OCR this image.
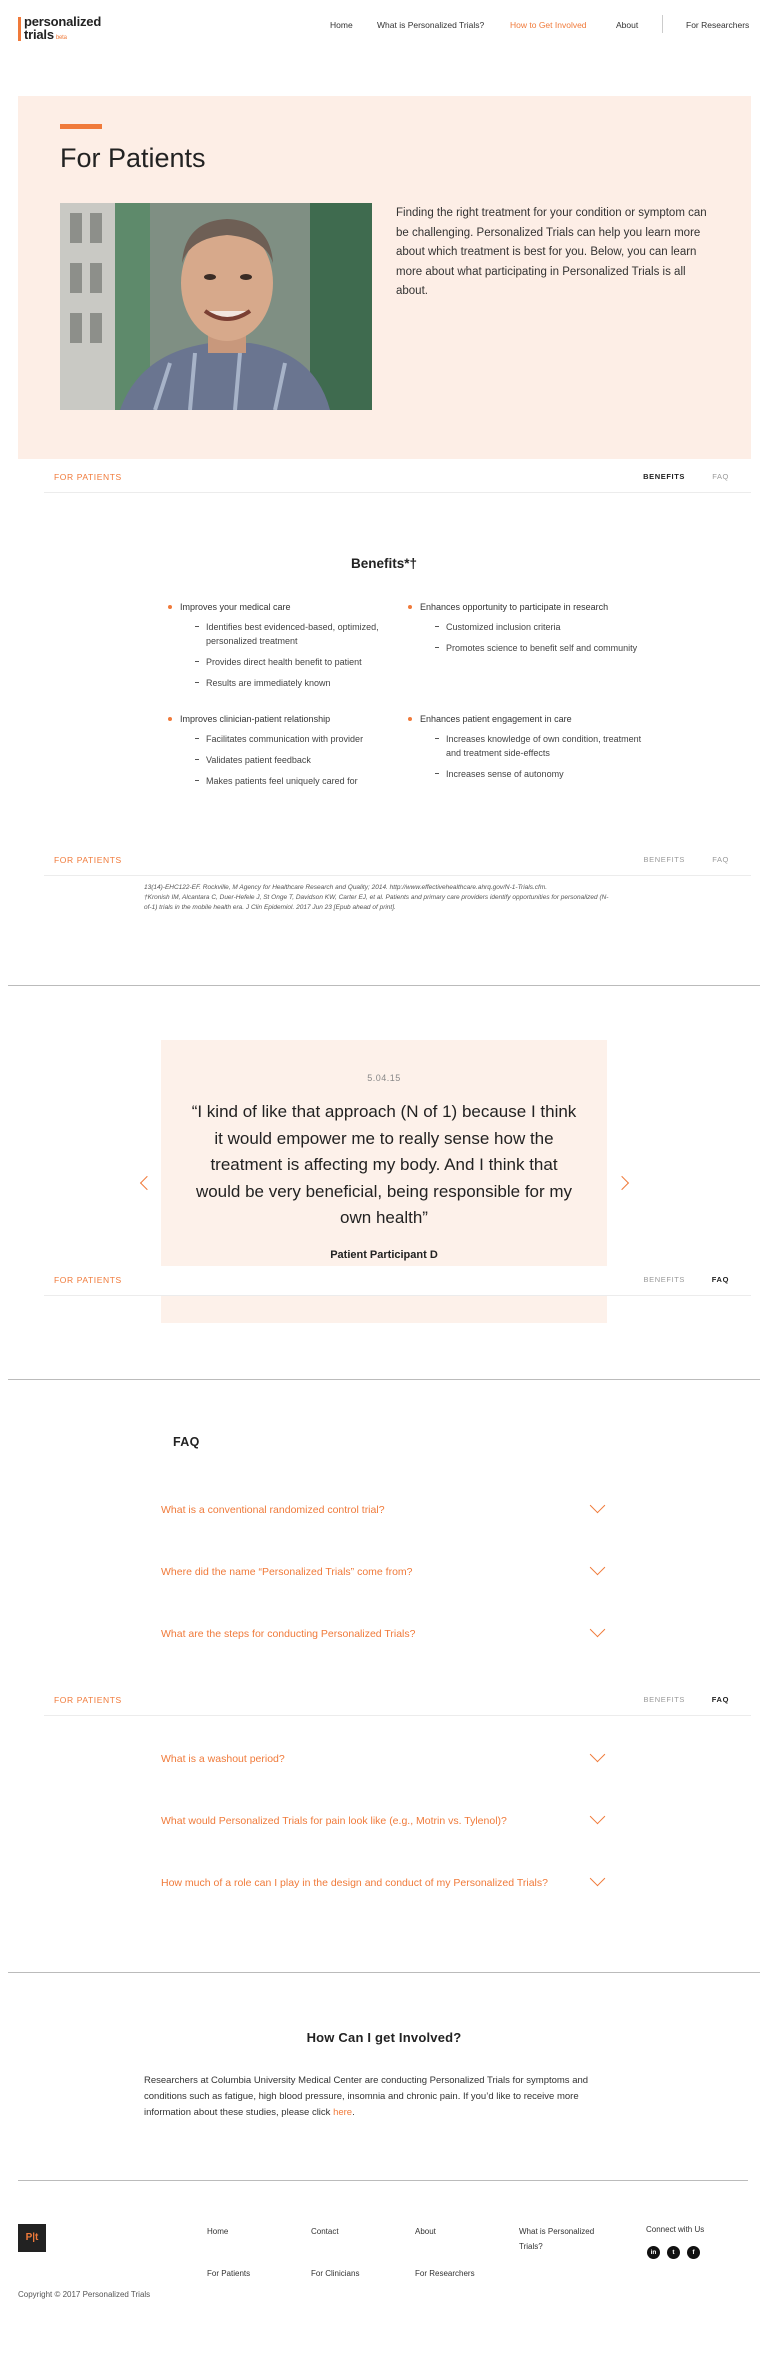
personalized
trials beta
Home	What is Personalized Trials?	How to Get Involved	About	For Researchers
For Patients

Finding the right treatment for your condition or symptom can be challenging. Personalized Trials can help you learn more about which treatment is best for you. Below, you can learn more about what participating in Personalized Trials is all about.

FOR PATIENTS	BENEFITS	FAQ
Benefits*†
Improves your medical care
Identifies best evidenced-based, optimized, personalized treatment
Provides direct health benefit to patient
Results are immediately known
Enhances opportunity to participate in research
Customized inclusion criteria
Promotes science to benefit self and community
Improves clinician-patient relationship
Facilitates communication with provider
Validates patient feedback
Makes patients feel uniquely cared for
Enhances patient engagement in care
Increases knowledge of own condition, treatment and treatment side-effects
Increases sense of autonomy
FOR PATIENTS	BENEFITS	FAQ
13(14)-EHC122-EF. Rockville, M Agency for Healthcare Research and Quality; 2014. http://www.effectivehealthcare.ahrq.gov/N-1-Trials.cfm.
†Kronish IM, Alcantara C, Duer-Hefele J, St Onge T, Davidson KW, Carter EJ, et al. Patients and primary care providers identify opportunities for personalized (N-of-1) trials in the mobile health era. J Clin Epidemiol. 2017 Jun 23 [Epub ahead of print].
5.04.15

“I kind of like that approach (N of 1) because I think it would empower me to really sense how the treatment is affecting my body. And I think that would be very beneficial, being responsible for my own health”

Patient Participant D
FOR PATIENTS	BENEFITS	FAQ
FAQ
What is a conventional randomized control trial?
Where did the name “Personalized Trials” come from?
What are the steps for conducting Personalized Trials?
FOR PATIENTS	BENEFITS	FAQ
What is a washout period?
What would Personalized Trials for pain look like (e.g., Motrin vs. Tylenol)?
How much of a role can I play in the design and conduct of my Personalized Trials?
How Can I get Involved?

Researchers at Columbia University Medical Center are conducting Personalized Trials for symptoms and conditions such as fatigue, high blood pressure, insomnia and chronic pain. If you’d like to receive more information about these studies, please click here.

P|t
Home	Contact	About	What is Personalized Trials?
For Patients	For Clinicians	For Researchers
Connect with Us
in	t	f
Copyright © 2017 Personalized Trials
